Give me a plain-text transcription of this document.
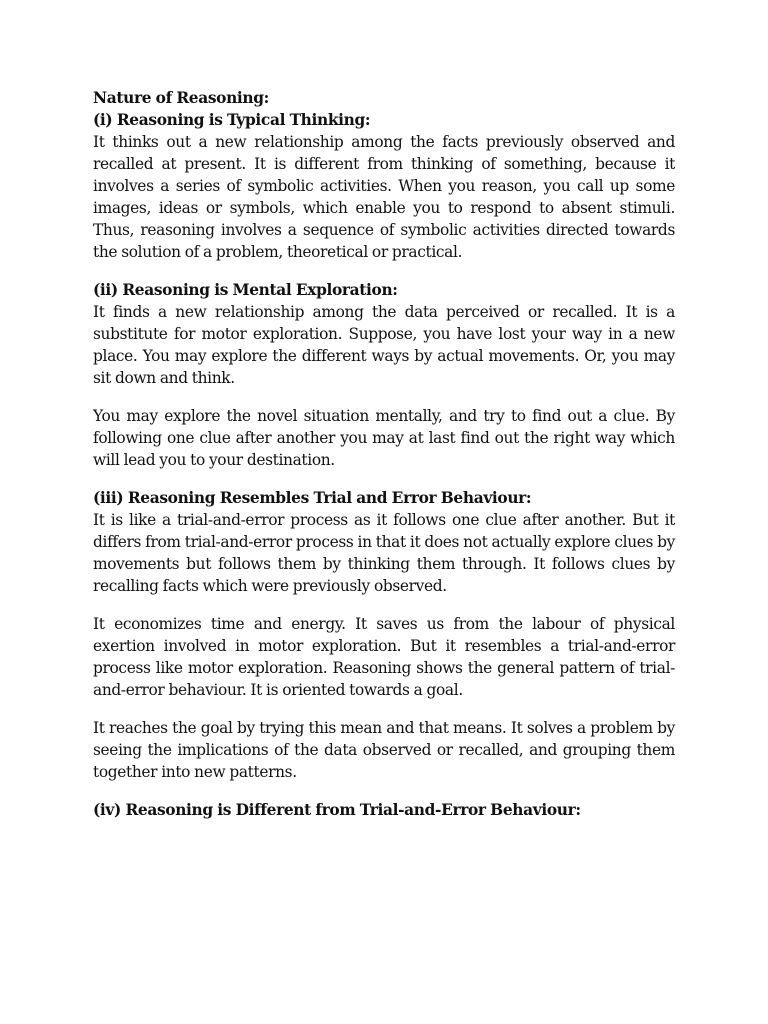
Nature of Reasoning:

(i) Reasoning is Typical Thinking:

It thinks out a new relationship among the facts previously observed and recalled at present. It is different from thinking of something, because it involves a series of symbolic activities. When you reason, you call up some images, ideas or symbols, which enable you to respond to absent stimuli. Thus, reasoning involves a sequence of symbolic activities directed towards the solution of a problem, theoretical or practical.

(ii) Reasoning is Mental Exploration:

It finds a new relationship among the data perceived or recalled. It is a substitute for motor exploration. Suppose, you have lost your way in a new place. You may explore the different ways by actual movements. Or, you may sit down and think.

You may explore the novel situation mentally, and try to find out a clue. By following one clue after another you may at last find out the right way which will lead you to your destination.

(iii) Reasoning Resembles Trial and Error Behaviour:

It is like a trial-and-error process as it follows one clue after another. But it differs from trial-and-error process in that it does not actually explore clues by movements but follows them by thinking them through. It follows clues by recalling facts which were previously observed.

It economizes time and energy. It saves us from the labour of physical exertion involved in motor exploration. But it resembles a trial-and-error process like motor exploration. Reasoning shows the general pattern of trial-and-error behaviour. It is oriented towards a goal.

It reaches the goal by trying this mean and that means. It solves a problem by seeing the implications of the data observed or recalled, and grouping them together into new patterns.

(iv) Reasoning is Different from Trial-and-Error Behaviour:
